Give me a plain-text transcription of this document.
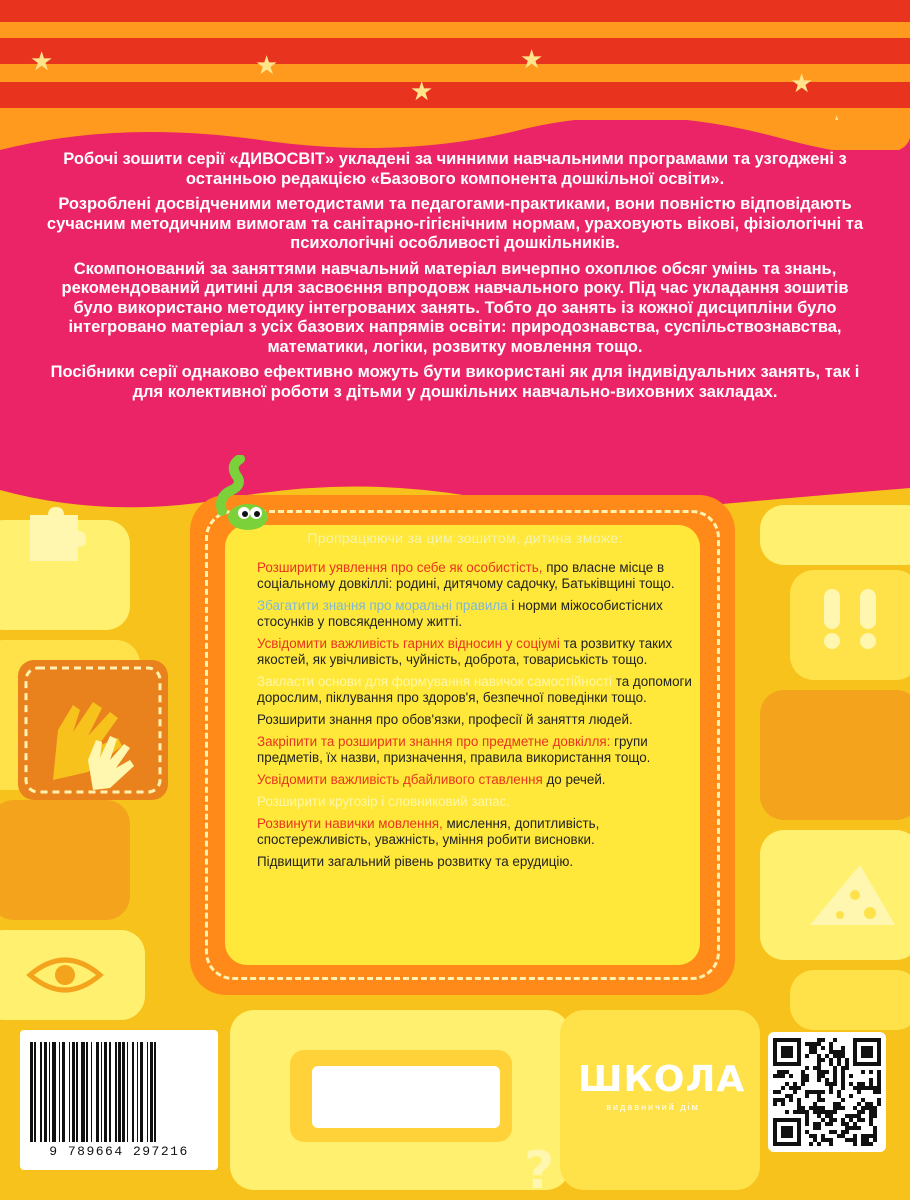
★	★
★
★
★

Робочі зошити серії «ДИВОСВІТ» укладені за чинними навчальними програмами та узгоджені з останньою редакцією «Базового компонента дошкільної освіти».

Розроблені досвідченими методистами та педагогами-практиками, вони повністю відповідають сучасним методичним вимогам та санітарно-гігієнічним нормам, ураховують вікові, фізіологічні та психологічні особливості дошкільників.

Скомпонований за заняттями навчальний матеріал вичерпно охоплює обсяг умінь та знань, рекомендований дитині для засвоєння впродовж навчального року. Під час укладання зошитів було використано методику інтегрованих занять. Тобто до занять із кожної дисципліни було інтегровано матеріал з усіх базових напрямів освіти: природознавства, суспільствознавства, математики, логіки, розвитку мовлення тощо.

Посібники серії однаково ефективно можуть бути використані як для індивідуальних занять, так і для колективної роботи з дітьми у дошкільних навчально-виховних закладах.

?
Пропрацюючи за цим зошитом, дитина зможе:
Розширити уявлення про себе як особистість, про власне місце в соціальному довкіллі: родині, дитячому садочку, Батьківщині тощо.
Збагатити знання про моральні правила і норми міжособистісних стосунків у повсякденному житті.
Усвідомити важливість гарних відносин у соціумі та розвитку таких якостей, як увічливість, чуйність, доброта, товариськість тощо.
Закласти основи для формування навичок самостійності та допомоги дорослим, піклування про здоров'я, безпечної поведінки тощо.
Розширити знання про обов'язки, професії й заняття людей.
Закріпити та розширити знання про предметне довкілля: групи предметів, їх назви, призначення, правила використання тощо.
Усвідомити важливість дбайливого ставлення до речей.
Розширити кругозір і словниковий запас.
Розвинути навички мовлення, мислення, допитливість, спостережливість, уважність, уміння робити висновки.
Підвищити загальний рівень розвитку та ерудицію.
9 789664 297216
ШКОЛА
видавничий дім
